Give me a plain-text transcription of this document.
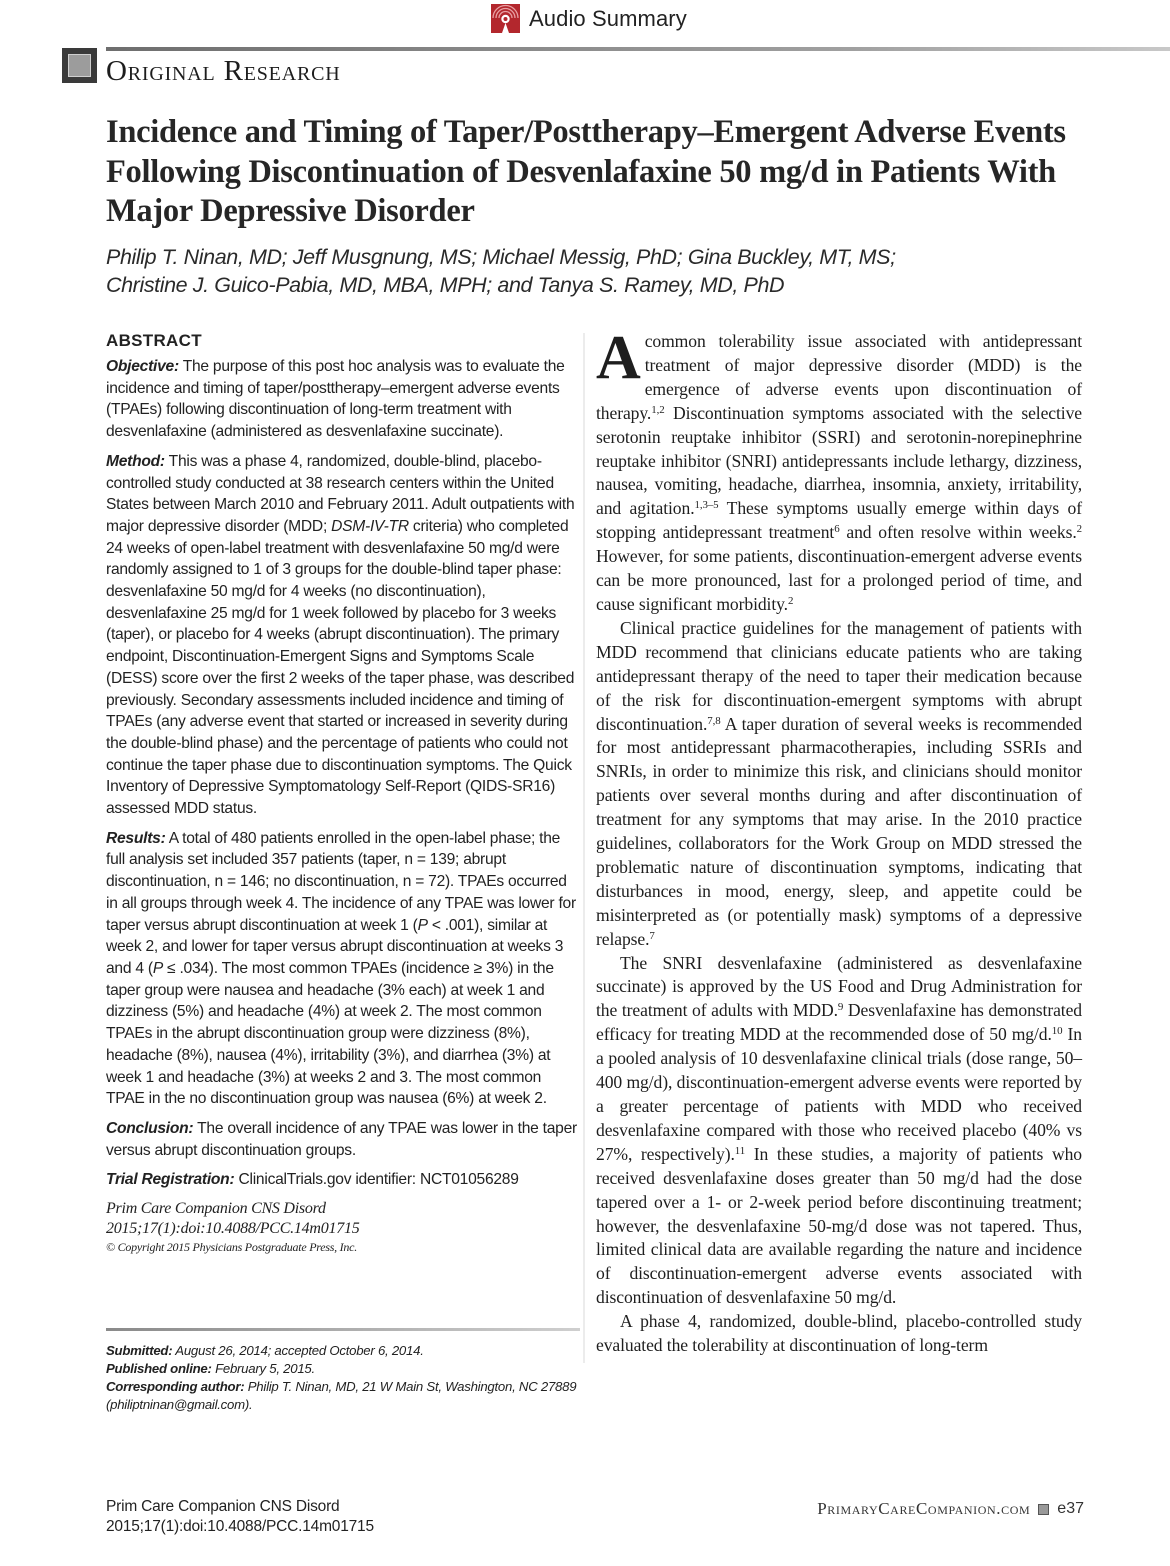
Audio Summary
Original Research
Incidence and Timing of Taper/Posttherapy–Emergent Adverse Events Following Discontinuation of Desvenlafaxine 50 mg/d in Patients With Major Depressive Disorder
Philip T. Ninan, MD; Jeff Musgnung, MS; Michael Messig, PhD; Gina Buckley, MT, MS;
Christine J. Guico-Pabia, MD, MBA, MPH; and Tanya S. Ramey, MD, PhD
ABSTRACT

Objective: The purpose of this post hoc analysis was to evaluate the incidence and timing of taper/posttherapy–emergent adverse events (TPAEs) following discontinuation of long-term treatment with desvenlafaxine (administered as desvenlafaxine succinate).

Method: This was a phase 4, randomized, double-blind, placebo-controlled study conducted at 38 research centers within the United States between March 2010 and February 2011. Adult outpatients with major depressive disorder (MDD; DSM-IV-TR criteria) who completed 24 weeks of open-label treatment with desvenlafaxine 50 mg/d were randomly assigned to 1 of 3 groups for the double-blind taper phase: desvenlafaxine 50 mg/d for 4 weeks (no discontinuation), desvenlafaxine 25 mg/d for 1 week followed by placebo for 3 weeks (taper), or placebo for 4 weeks (abrupt discontinuation). The primary endpoint, Discontinuation-Emergent Signs and Symptoms Scale (DESS) score over the first 2 weeks of the taper phase, was described previously. Secondary assessments included incidence and timing of TPAEs (any adverse event that started or increased in severity during the double-blind phase) and the percentage of patients who could not continue the taper phase due to discontinuation symptoms. The Quick Inventory of Depressive Symptomatology Self-Report (QIDS-SR16) assessed MDD status.

Results: A total of 480 patients enrolled in the open-label phase; the full analysis set included 357 patients (taper, n = 139; abrupt discontinuation, n = 146; no discontinuation, n = 72). TPAEs occurred in all groups through week 4. The incidence of any TPAE was lower for taper versus abrupt discontinuation at week 1 (P < .001), similar at week 2, and lower for taper versus abrupt discontinuation at weeks 3 and 4 (P ≤ .034). The most common TPAEs (incidence ≥ 3%) in the taper group were nausea and headache (3% each) at week 1 and dizziness (5%) and headache (4%) at week 2. The most common TPAEs in the abrupt discontinuation group were dizziness (8%), headache (8%), nausea (4%), irritability (3%), and diarrhea (3%) at week 1 and headache (3%) at weeks 2 and 3. The most common TPAE in the no discontinuation group was nausea (6%) at week 2.

Conclusion: The overall incidence of any TPAE was lower in the taper versus abrupt discontinuation groups.

Trial Registration: ClinicalTrials.gov identifier: NCT01056289

Prim Care Companion CNS Disord
2015;17(1):doi:10.4088/PCC.14m01715
© Copyright 2015 Physicians Postgraduate Press, Inc.
Submitted: August 26, 2014; accepted October 6, 2014.
Published online: February 5, 2015.
Corresponding author: Philip T. Ninan, MD, 21 W Main St, Washington, NC 27889 (philiptninan@gmail.com).

A common tolerability issue associated with antidepressant treatment of major depressive disorder (MDD) is the emergence of adverse events upon discontinuation of therapy.$^{1,2}$ Discontinuation symptoms associated with the selective serotonin reuptake inhibitor (SSRI) and serotonin-norepinephrine reuptake inhibitor (SNRI) antidepressants include lethargy, dizziness, nausea, vomiting, headache, diarrhea, insomnia, anxiety, irritability, and agitation.$^{1,3-5}$ These symptoms usually emerge within days of stopping antidepressant treatment$^6$ and often resolve within weeks.$^2$ However, for some patients, discontinuation-emergent adverse events can be more pronounced, last for a prolonged period of time, and cause significant morbidity.$^2$

Clinical practice guidelines for the management of patients with MDD recommend that clinicians educate patients who are taking antidepressant therapy of the need to taper their medication because of the risk for discontinuation-emergent symptoms with abrupt discontinuation.$^{7,8}$ A taper duration of several weeks is recommended for most antidepressant pharmacotherapies, including SSRIs and SNRIs, in order to minimize this risk, and clinicians should monitor patients over several months during and after discontinuation of treatment for any symptoms that may arise. In the 2010 practice guidelines, collaborators for the Work Group on MDD stressed the problematic nature of discontinuation symptoms, indicating that disturbances in mood, energy, sleep, and appetite could be misinterpreted as (or potentially mask) symptoms of a depressive relapse.$^7$

The SNRI desvenlafaxine (administered as desvenlafaxine succinate) is approved by the US Food and Drug Administration for the treatment of adults with MDD.$^9$ Desvenlafaxine has demonstrated efficacy for treating MDD at the recommended dose of 50 mg/d.$^{10}$ In a pooled analysis of 10 desvenlafaxine clinical trials (dose range, 50–400 mg/d), discontinuation-emergent adverse events were reported by a greater percentage of patients with MDD who received desvenlafaxine compared with those who received placebo (40% vs 27%, respectively).$^{11}$ In these studies, a majority of patients who received desvenlafaxine doses greater than 50 mg/d had the dose tapered over a 1- or 2-week period before discontinuing treatment; however, the desvenlafaxine 50-mg/d dose was not tapered. Thus, limited clinical data are available regarding the nature and incidence of discontinuation-emergent adverse events associated with discontinuation of desvenlafaxine 50 mg/d.

A phase 4, randomized, double-blind, placebo-controlled study evaluated the tolerability at discontinuation of long-term

Prim Care Companion CNS Disord
2015;17(1):doi:10.4088/PCC.14m01715
PrimaryCareCompanion.com e37
